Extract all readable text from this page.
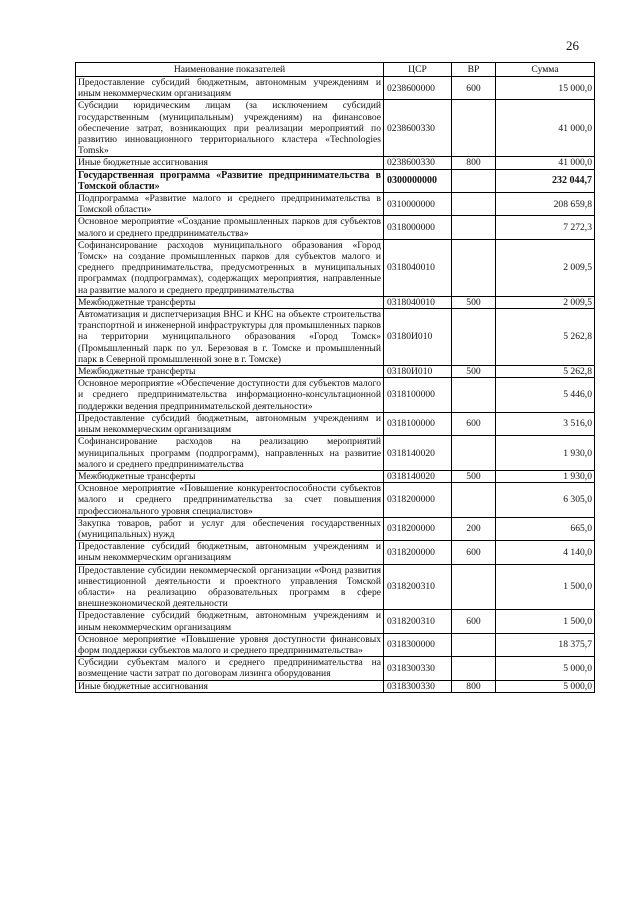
26
Наименование показателей	ЦСР	ВР	Сумма
Предоставление субсидий бюджетным, автономным учреждениям и иным некоммерческим организациям	0238600000	600	15 000,0
Субсидии юридическим лицам (за исключением субсидий государственным (муниципальным) учреждениям) на финансовое обеспечение затрат, возникающих при реализации мероприятий по развитию инновационного территориального кластера «Technologies Tomsk»	0238600330		41 000,0
Иные бюджетные ассигнования	0238600330	800	41 000,0
Государственная программа «Развитие предпринимательства в Томской области»	0300000000		232 044,7
Подпрограмма «Развитие малого и среднего предпринимательства в Томской области»	0310000000		208 659,8
Основное мероприятие «Создание промышленных парков для субъектов малого и среднего предпринимательства»	0318000000		7 272,3
Софинансирование расходов муниципального образования «Город Томск» на создание промышленных парков для субъектов малого и среднего предпринимательства, предусмотренных в муниципальных программах (подпрограммах), содержащих мероприятия, направленные на развитие малого и среднего предпринимательства	0318040010		2 009,5
Межбюджетные трансферты	0318040010	500	2 009,5
Автоматизация и диспетчеризация ВНС и КНС на объекте строительства транспортной и инженерной инфраструктуры для промышленных парков на территории муниципального образования «Город Томск» (Промышленный парк по ул. Березовая в г. Томске и промышленный парк в Северной промышленной зоне в г. Томске)	03180И010		5 262,8
Межбюджетные трансферты	03180И010	500	5 262,8
Основное мероприятие «Обеспечение доступности для субъектов малого и среднего предпринимательства информационно-консультационной поддержки ведения предпринимательской деятельности»	0318100000		5 446,0
Предоставление субсидий бюджетным, автономным учреждениям и иным некоммерческим организациям	0318100000	600	3 516,0
Софинансирование расходов на реализацию мероприятий муниципальных программ (подпрограмм), направленных на развитие малого и среднего предпринимательства	0318140020		1 930,0
Межбюджетные трансферты	0318140020	500	1 930,0
Основное мероприятие «Повышение конкурентоспособности субъектов малого и среднего предпринимательства за счет повышения профессионального уровня специалистов»	0318200000		6 305,0
Закупка товаров, работ и услуг для обеспечения государственных (муниципальных) нужд	0318200000	200	665,0
Предоставление субсидий бюджетным, автономным учреждениям и иным некоммерческим организациям	0318200000	600	4 140,0
Предоставление субсидии некоммерческой организации «Фонд развития инвестиционной деятельности и проектного управления Томской области» на реализацию образовательных программ в сфере внешнеэкономической деятельности	0318200310		1 500,0
Предоставление субсидий бюджетным, автономным учреждениям и иным некоммерческим организациям	0318200310	600	1 500,0
Основное мероприятие «Повышение уровня доступности финансовых форм поддержки субъектов малого и среднего предпринимательства»	0318300000		18 375,7
Субсидии субъектам малого и среднего предпринимательства на возмещение части затрат по договорам лизинга оборудования	0318300330		5 000,0
Иные бюджетные ассигнования	0318300330	800	5 000,0
